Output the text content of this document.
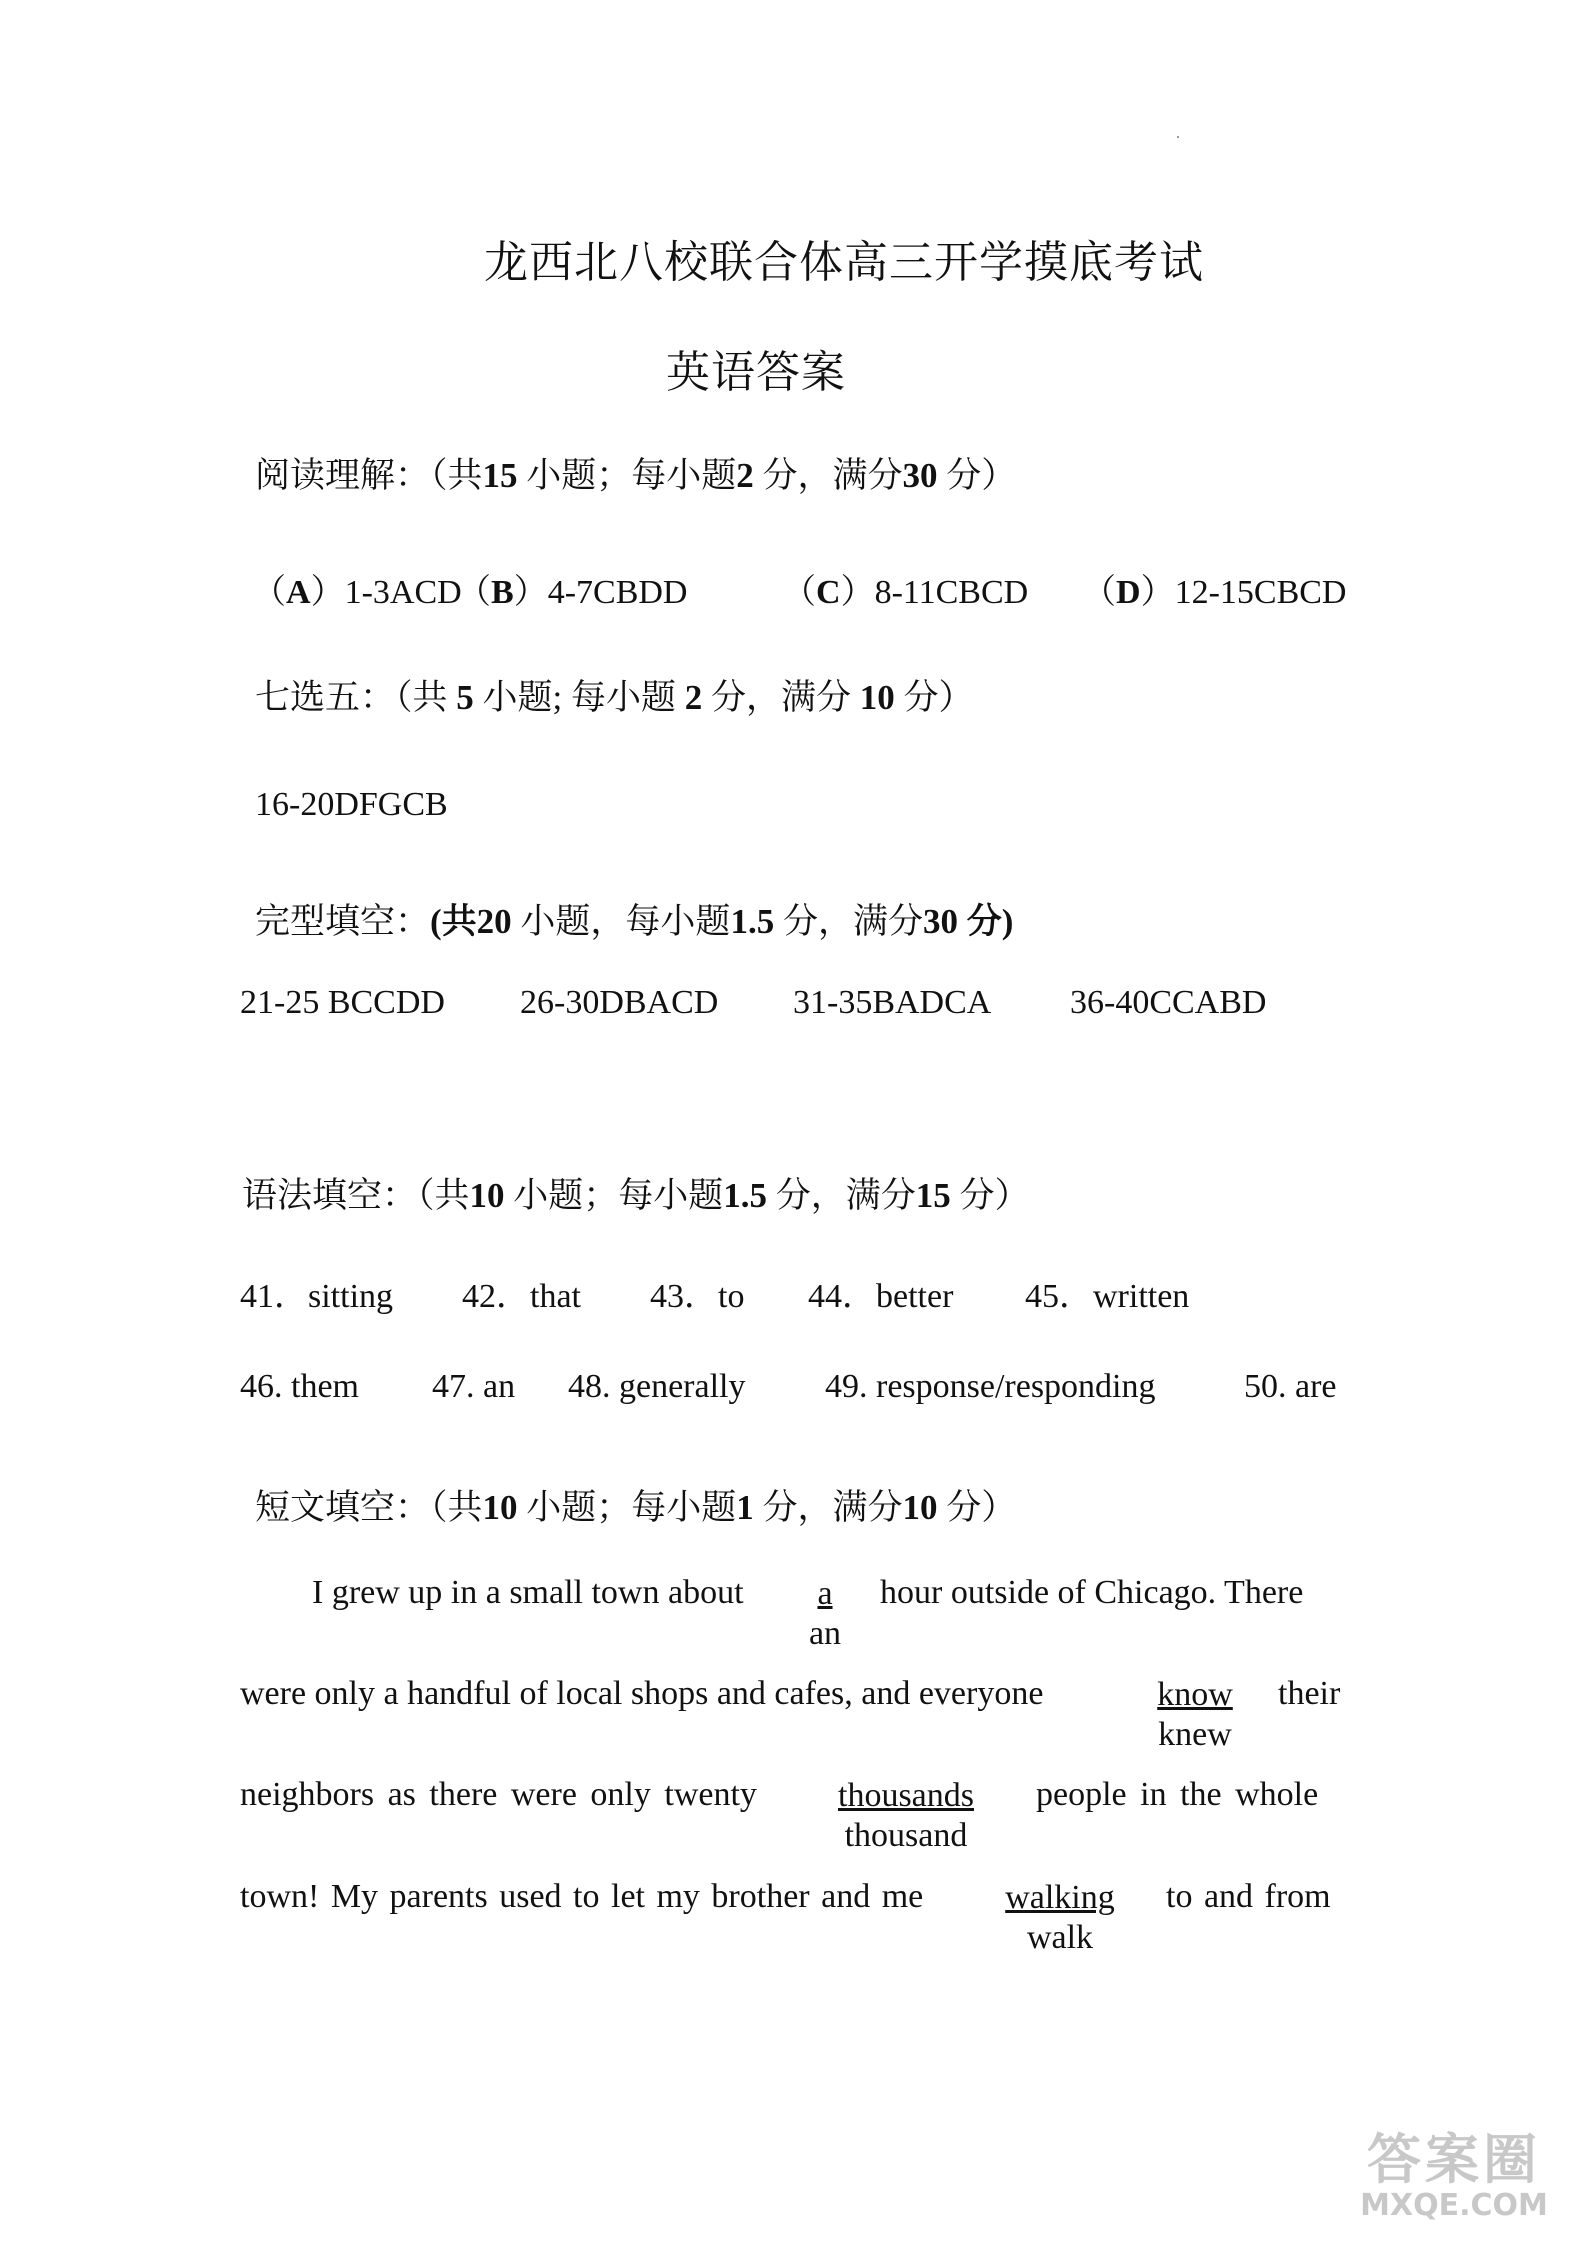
龙西北八校联合体高三开学摸底考试
英语答案
阅读理解：（共15 小题；每小题2 分，满分30 分）
（A）1-3ACD
（B）4-7CBDD	（C）8-11CBCD （D）12-15CBCD
七选五：（共 5 小题; 每小题 2 分，满分 10 分）
16-20DFGCB
完型填空：(共20 小题，每小题1.5 分，满分30 分)
21-25 BCCDD 26-30DBACD 31-35BADCA 36-40CCABD
语法填空：（共10 小题；每小题1.5 分，满分15 分）
41．sitting 42．that 43．to 44．better 45．written
46. them 47. an 48. generally 49. response/responding	50. are
短文填空：（共10 小题；每小题1 分，满分10 分）
I grew up in a small town about	a
an
hour outside of Chicago. There
were only a handful of local shops and cafes, and everyone	know
knew
their
neighbors as there were only twenty	thousands
thousand
people in the whole
town! My parents used to let my brother and me	walking
walk
to and from
答案圈
MXQE.COM
